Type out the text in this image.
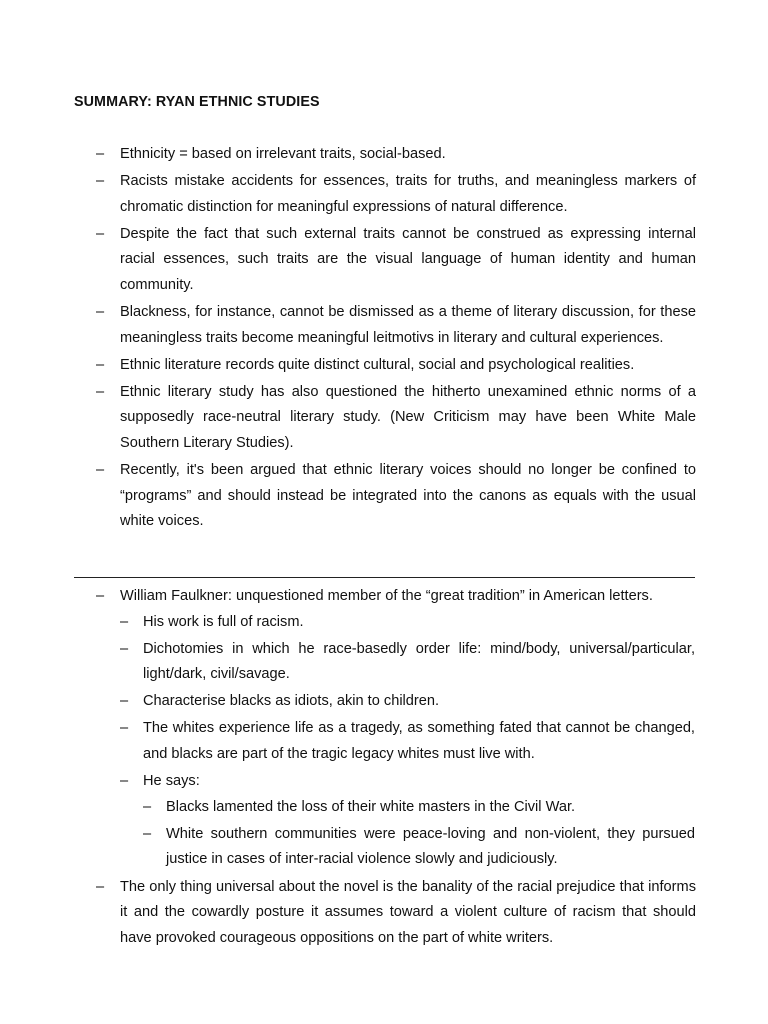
SUMMARY: RYAN ETHNIC STUDIES
– Ethnicity = based on irrelevant traits, social-based.
– Racists mistake accidents for essences, traits for truths, and meaningless markers of chromatic distinction for meaningful expressions of natural difference.
– Despite the fact that such external traits cannot be construed as expressing internal racial essences, such traits are the visual language of human identity and human community.
– Blackness, for instance, cannot be dismissed as a theme of literary discussion, for these meaningless traits become meaningful leitmotivs in literary and cultural experiences.
– Ethnic literature records quite distinct cultural, social and psychological realities.
– Ethnic literary study has also questioned the hitherto unexamined ethnic norms of a supposedly race-neutral literary study. (New Criticism may have been White Male Southern Literary Studies).
– Recently, it's been argued that ethnic literary voices should no longer be confined to “programs” and should instead be integrated into the canons as equals with the usual white voices.
– William Faulkner: unquestioned member of the “great tradition” in American letters.
– His work is full of racism.
– Dichotomies in which he race-basedly order life: mind/body, universal/particular, light/dark, civil/savage.
– Characterise blacks as idiots, akin to children.
– The whites experience life as a tragedy, as something fated that cannot be changed, and blacks are part of the tragic legacy whites must live with.
– He says:
– Blacks lamented the loss of their white masters in the Civil War.
– White southern communities were peace-loving and non-violent, they pursued justice in cases of inter-racial violence slowly and judiciously.
– The only thing universal about the novel is the banality of the racial prejudice that informs it and the cowardly posture it assumes toward a violent culture of racism that should have provoked courageous oppositions on the part of white writers.
